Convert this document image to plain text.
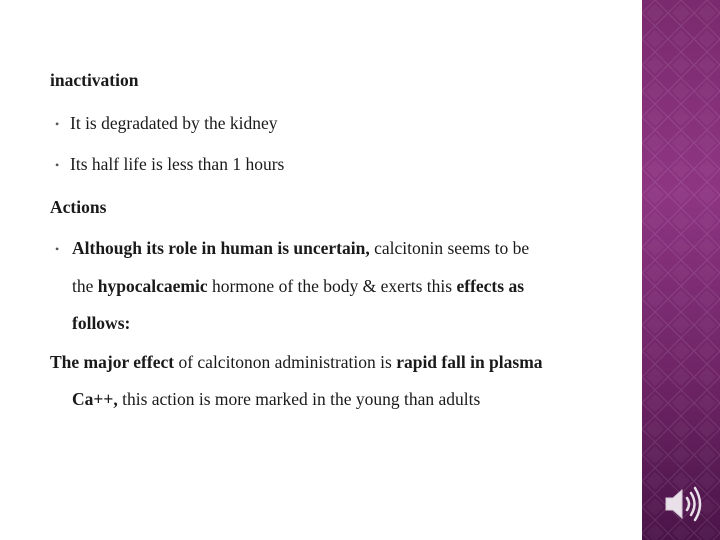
inactivation
• It is degradated by the kidney
• Its half life is less than 1 hours
Actions
• Although its role in human is uncertain, calcitonin seems to be
the hypocalcaemic hormone of the body & exerts this effects as
follows:
The major effect of calcitonon administration is rapid fall in plasma
Ca++, this action is more marked in the young than adults
